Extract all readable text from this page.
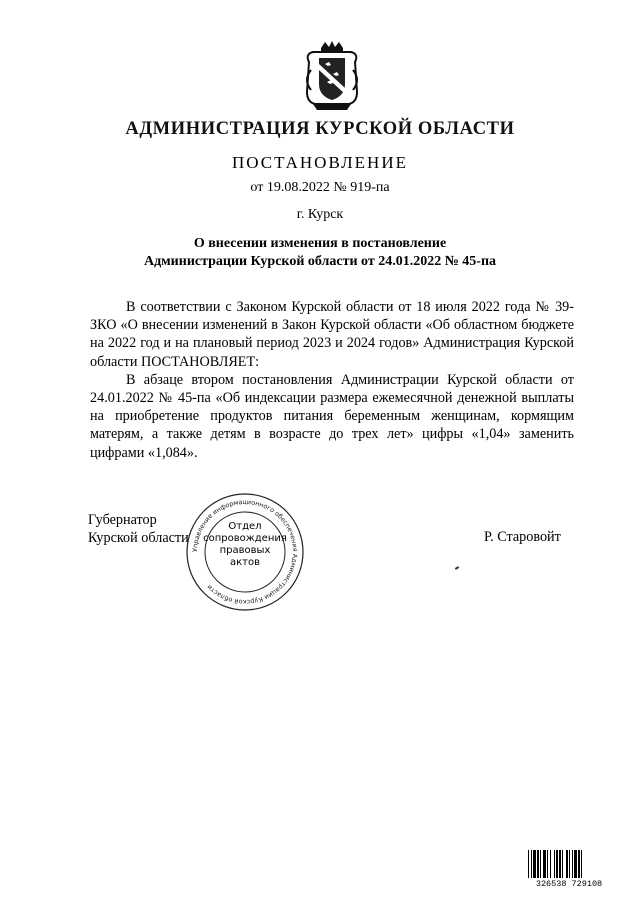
АДМИНИСТРАЦИЯ КУРСКОЙ ОБЛАСТИ
ПОСТАНОВЛЕНИЕ
от 19.08.2022 № 919-па
г. Курск
О внесении изменения в постановление
Администрации Курской области от 24.01.2022 № 45-па

В соответствии с Законом Курской области от 18 июля 2022 года № 39-ЗКО «О внесении изменений в Закон Курской области «Об областном бюджете на 2022 год и на плановый период 2023 и 2024 годов» Администрация Курской области ПОСТАНОВЛЯЕТ:

В абзаце втором постановления Администрации Курской области от 24.01.2022 № 45-па «Об индексации размера ежемесячной денежной выплаты на приобретение продуктов питания беременным женщинам, кормящим матерям, а также детям в возрасте до трех лет» цифры «1,04» заменить цифрами «1,084».

Губернатор
Курской области
Управление информационного обеспечения Администрации Курской области
Отдел
сопровождения
правовых
актов
Р. Старовойт
326538 729108
